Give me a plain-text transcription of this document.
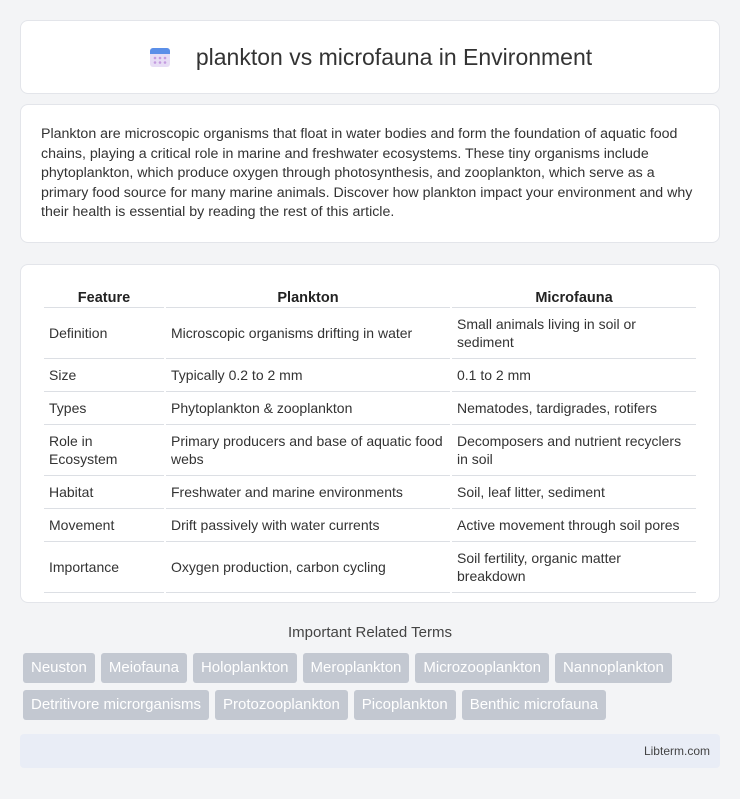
plankton vs microfauna in Environment

Plankton are microscopic organisms that float in water bodies and form the foundation of aquatic food chains, playing a critical role in marine and freshwater ecosystems. These tiny organisms include phytoplankton, which produce oxygen through photosynthesis, and zooplankton, which serve as a primary food source for many marine animals. Discover how plankton impact your environment and why their health is essential by reading the rest of this article.

Feature	Plankton	Microfauna
Definition	Microscopic organisms drifting in water	Small animals living in soil or sediment
Size	Typically 0.2 to 2 mm	0.1 to 2 mm
Types	Phytoplankton & zooplankton	Nematodes, tardigrades, rotifers
Role in Ecosystem	Primary producers and base of aquatic food webs	Decomposers and nutrient recyclers in soil
Habitat	Freshwater and marine environments	Soil, leaf litter, sediment
Movement	Drift passively with water currents	Active movement through soil pores
Importance	Oxygen production, carbon cycling	Soil fertility, organic matter breakdown
Important Related Terms
Neuston	Meiofauna	Holoplankton	Meroplankton	Microzooplankton	Nannoplankton
Detritivore microrganisms	Protozooplankton	Picoplankton	Benthic microfauna
Libterm.com
